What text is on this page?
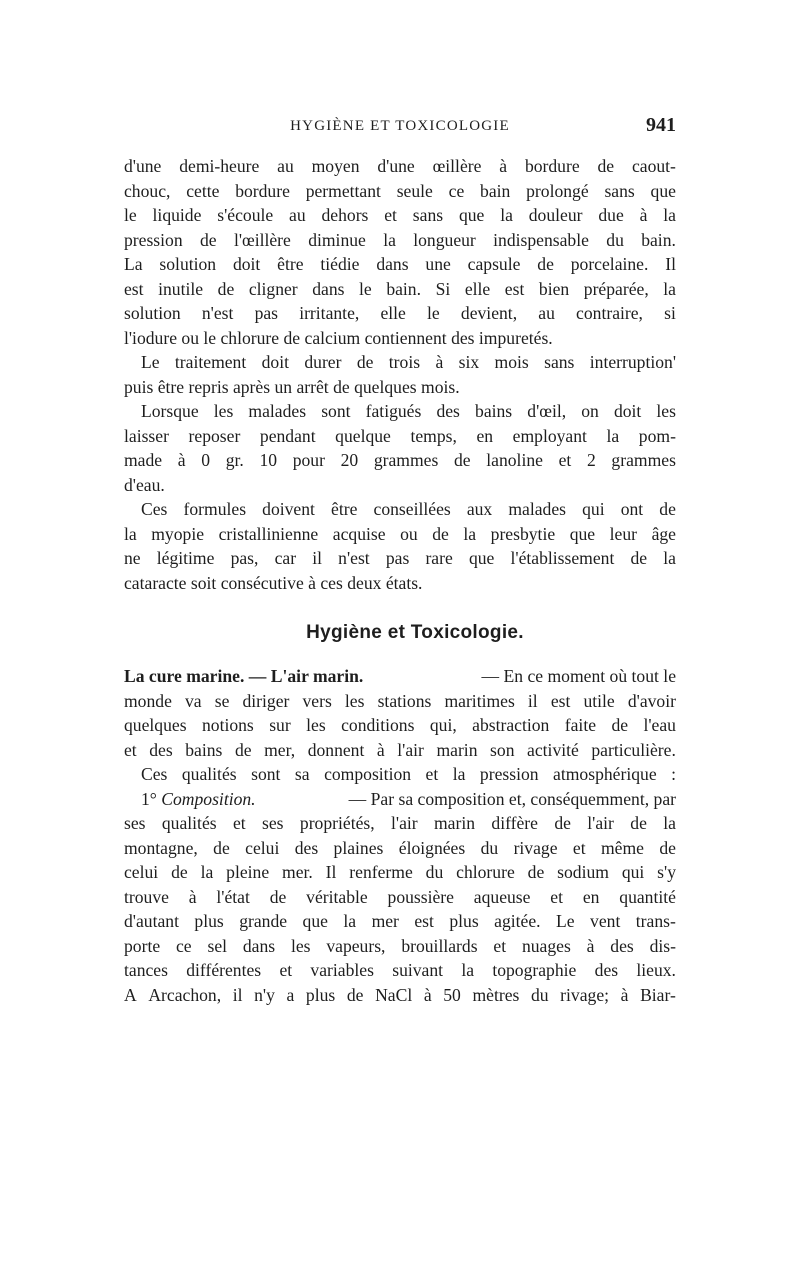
HYGIÈNE ET TOXICOLOGIE	941
d'une demi-heure au moyen d'une œillère à bordure de caout-
chouc, cette bordure permettant seule ce bain prolongé sans que
le liquide s'écoule au dehors et sans que la douleur due à la
pression de l'œillère diminue la longueur indispensable du bain.
La solution doit être tiédie dans une capsule de porcelaine. Il
est inutile de cligner dans le bain. Si elle est bien préparée, la
solution n'est pas irritante, elle le devient, au contraire, si
l'iodure ou le chlorure de calcium contiennent des impuretés.
Le traitement doit durer de trois à six mois sans interruption'
puis être repris après un arrêt de quelques mois.
Lorsque les malades sont fatigués des bains d'œil, on doit les
laisser reposer pendant quelque temps, en employant la pom-
made à 0 gr. 10 pour 20 grammes de lanoline et 2 grammes
d'eau.
Ces formules doivent être conseillées aux malades qui ont de
la myopie cristallinienne acquise ou de la presbytie que leur âge
ne légitime pas, car il n'est pas rare que l'établissement de la
cataracte soit consécutive à ces deux états.
Hygiène et Toxicologie.
La cure marine. — L'air marin.	— En ce moment où tout le
monde va se diriger vers les stations maritimes il est utile d'avoir
quelques notions sur les conditions qui, abstraction faite de l'eau
et des bains de mer, donnent à l'air marin son activité particulière.
Ces qualités sont sa composition et la pression atmosphérique :
1° Composition.	— Par sa composition et, conséquemment, par
ses qualités et ses propriétés, l'air marin diffère de l'air de la
montagne, de celui des plaines éloignées du rivage et même de
celui de la pleine mer. Il renferme du chlorure de sodium qui s'y
trouve à l'état de véritable poussière aqueuse et en quantité
d'autant plus grande que la mer est plus agitée. Le vent trans-
porte ce sel dans les vapeurs, brouillards et nuages à des dis-
tances différentes et variables suivant la topographie des lieux.
A Arcachon, il n'y a plus de NaCl à 50 mètres du rivage; à Biar-
